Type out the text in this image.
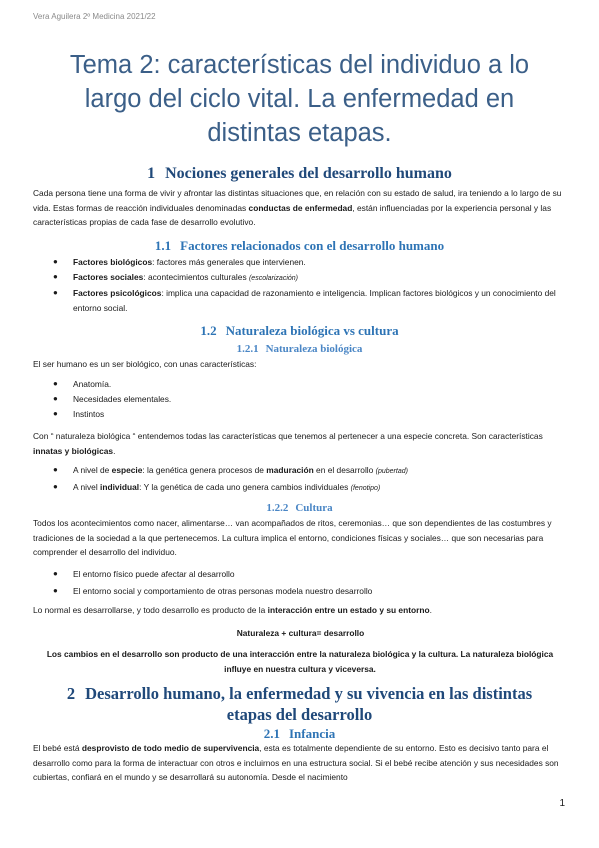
Vera Aguilera 2º Medicina 2021/22
Tema 2: características del individuo a lo
largo del ciclo vital. La enfermedad en
distintas etapas.
1 Nociones generales del desarrollo humano
Cada persona tiene una forma de vivir y afrontar las distintas situaciones que, en relación con su estado de salud, ira teniendo a lo largo de su vida. Estas formas de reacción individuales denominadas conductas de enfermedad, están influenciadas por la experiencia personal y las características propias de cada fase de desarrollo evolutivo.
1.1 Factores relacionados con el desarrollo humano
● Factores biológicos: factores más generales que intervienen.
● Factores sociales: acontecimientos culturales (escolarización)
● Factores psicológicos: implica una capacidad de razonamiento e inteligencia. Implican factores biológicos y un conocimiento del entorno social.
1.2 Naturaleza biológica vs cultura
1.2.1 Naturaleza biológica
El ser humano es un ser biológico, con unas características:
● Anatomía.
● Necesidades elementales.
● Instintos
Con “ naturaleza biológica “ entendemos todas las características que tenemos al pertenecer a una especie concreta. Son características innatas y biológicas.
● A nivel de especie: la genética genera procesos de maduración en el desarrollo (pubertad)
● A nivel individual: Y la genética de cada uno genera cambios individuales (fenotipo)
1.2.2 Cultura
Todos los acontecimientos como nacer, alimentarse… van acompañados de ritos, ceremonias… que son dependientes de las costumbres y tradiciones de la sociedad a la que pertenecemos. La cultura implica el entorno, condiciones físicas y sociales… que son necesarias para comprender el desarrollo del individuo.
● El entorno físico puede afectar al desarrollo
● El entorno social y comportamiento de otras personas modela nuestro desarrollo
Lo normal es desarrollarse, y todo desarrollo es producto de la interacción entre un estado y su entorno.
Naturaleza + cultura= desarrollo
Los cambios en el desarrollo son producto de una interacción entre la naturaleza biológica y la cultura. La naturaleza biológica influye en nuestra cultura y viceversa.
2 Desarrollo humano, la enfermedad y su vivencia en las distintas
etapas del desarrollo
2.1 Infancia
El bebé está desprovisto de todo medio de supervivencia, esta es totalmente dependiente de su entorno. Esto es decisivo tanto para el desarrollo como para la forma de interactuar con otros e incluirnos en una estructura social. Si el bebé recibe atención y sus necesidades son cubiertas, confiará en el mundo y se desarrollará su autonomía. Desde el nacimiento
1
